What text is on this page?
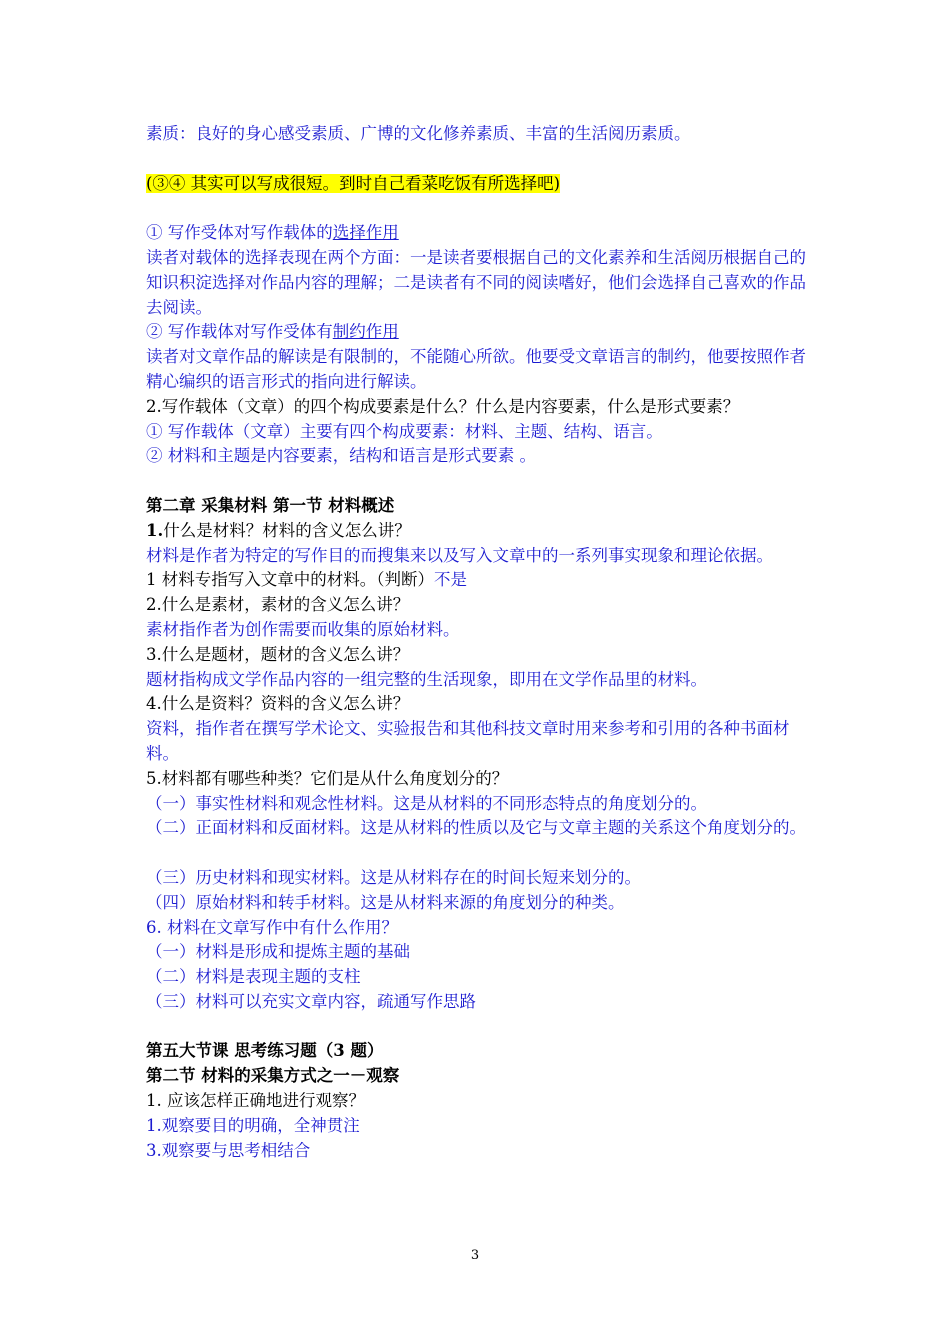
素质：良好的身心感受素质、广博的文化修养素质、丰富的生活阅历素质。

(③④ 其实可以写成很短。到时自己看菜吃饭有所选择吧)

① 写作受体对写作载体的选择作用

读者对载体的选择表现在两个方面：一是读者要根据自己的文化素养和生活阅历根据自己的知识积淀选择对作品内容的理解；二是读者有不同的阅读嗜好，他们会选择自己喜欢的作品去阅读。

② 写作载体对写作受体有制约作用

读者对文章作品的解读是有限制的，不能随心所欲。他要受文章语言的制约，他要按照作者精心编织的语言形式的指向进行解读。

2.写作载体（文章）的四个构成要素是什么？什么是内容要素，什么是形式要素？

① 写作载体（文章）主要有四个构成要素：材料、主题、结构、语言。

② 材料和主题是内容要素，结构和语言是形式要素 。

第二章 采集材料 第一节 材料概述

1.什么是材料？材料的含义怎么讲？

材料是作者为特定的写作目的而搜集来以及写入文章中的一系列事实现象和理论依据。

1 材料专指写入文章中的材料。（判断）不是

2.什么是素材，素材的含义怎么讲？

素材指作者为创作需要而收集的原始材料。

3.什么是题材，题材的含义怎么讲？

题材指构成文学作品内容的一组完整的生活现象，即用在文学作品里的材料。

4.什么是资料？资料的含义怎么讲？

资料，指作者在撰写学术论文、实验报告和其他科技文章时用来参考和引用的各种书面材料。

5.材料都有哪些种类？它们是从什么角度划分的？

（一）事实性材料和观念性材料。这是从材料的不同形态特点的角度划分的。

（二）正面材料和反面材料。这是从材料的性质以及它与文章主题的关系这个角度划分的。

（三）历史材料和现实材料。这是从材料存在的时间长短来划分的。

（四）原始材料和转手材料。这是从材料来源的角度划分的种类。

6. 材料在文章写作中有什么作用？

（一）材料是形成和提炼主题的基础

（二）材料是表现主题的支柱

（三）材料可以充实文章内容，疏通写作思路

第五大节课 思考练习题（3 题）

第二节 材料的采集方式之一－观察

1. 应该怎样正确地进行观察？

1.观察要目的明确，全神贯注

3.观察要与思考相结合

3
